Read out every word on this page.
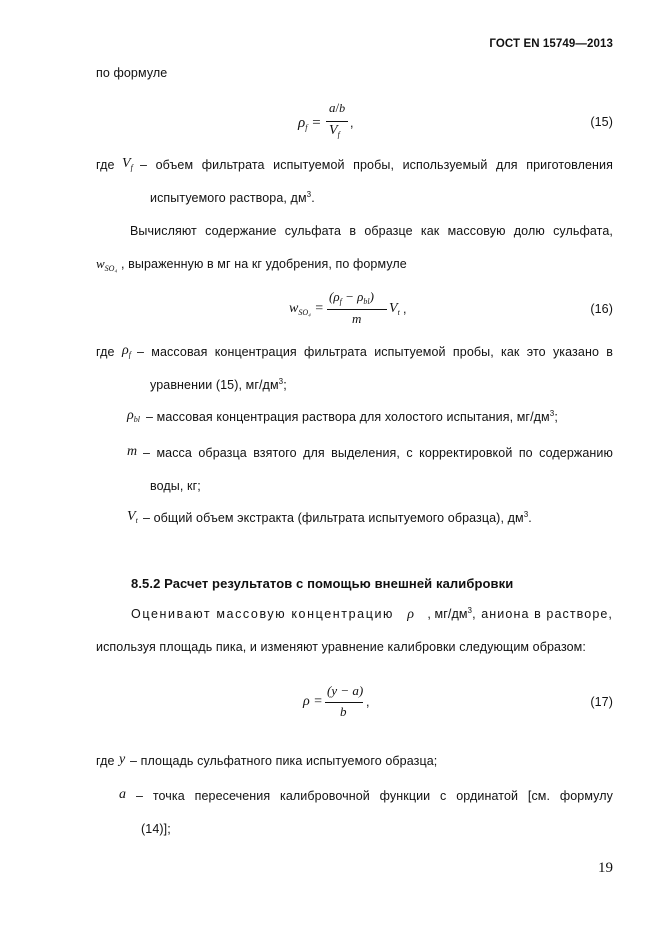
ГОСТ EN 15749—2013
по формуле
$\rho_f$ =
a/b
$V_f$
,	(15)
где $V_f$ – объем фильтрата испытуемой пробы, используемый для приготовления
испытуемого раствора, $дм^3$.
Вычисляют содержание сульфата в образце как массовую долю сульфата,
$w_{SO_4}$ , выраженную в мг на кг удобрения, по формуле
$w_{SO_4}$ =
$(\rho_f - \rho_{bl})$
m
$V_t$ ,	(16)
где $\rho_f$ – массовая концентрация фильтрата испытуемой пробы, как это указано в
уравнении (15), $мг/дм^3$;
$\rho_{bl}$ – массовая концентрация раствора для холостого испытания, $мг/дм^3$;
m – масса образца взятого для выделения, с корректировкой по содержанию
воды, кг;
$V_t$ – общий объем экстракта (фильтрата испытуемого образца), $дм^3$.
8.5.2 Расчет результатов с помощью внешней калибровки
Оценивают массовую концентрацию ρ , $мг/дм^3$, аниона в растворе,
используя площадь пика, и изменяют уравнение калибровки следующим образом:
ρ =
(y − a)
b
,	(17)
где y – площадь сульфатного пика испытуемого образца;
a – точка пересечения калибровочной функции с ординатой [см. формулу
(14)];
19
